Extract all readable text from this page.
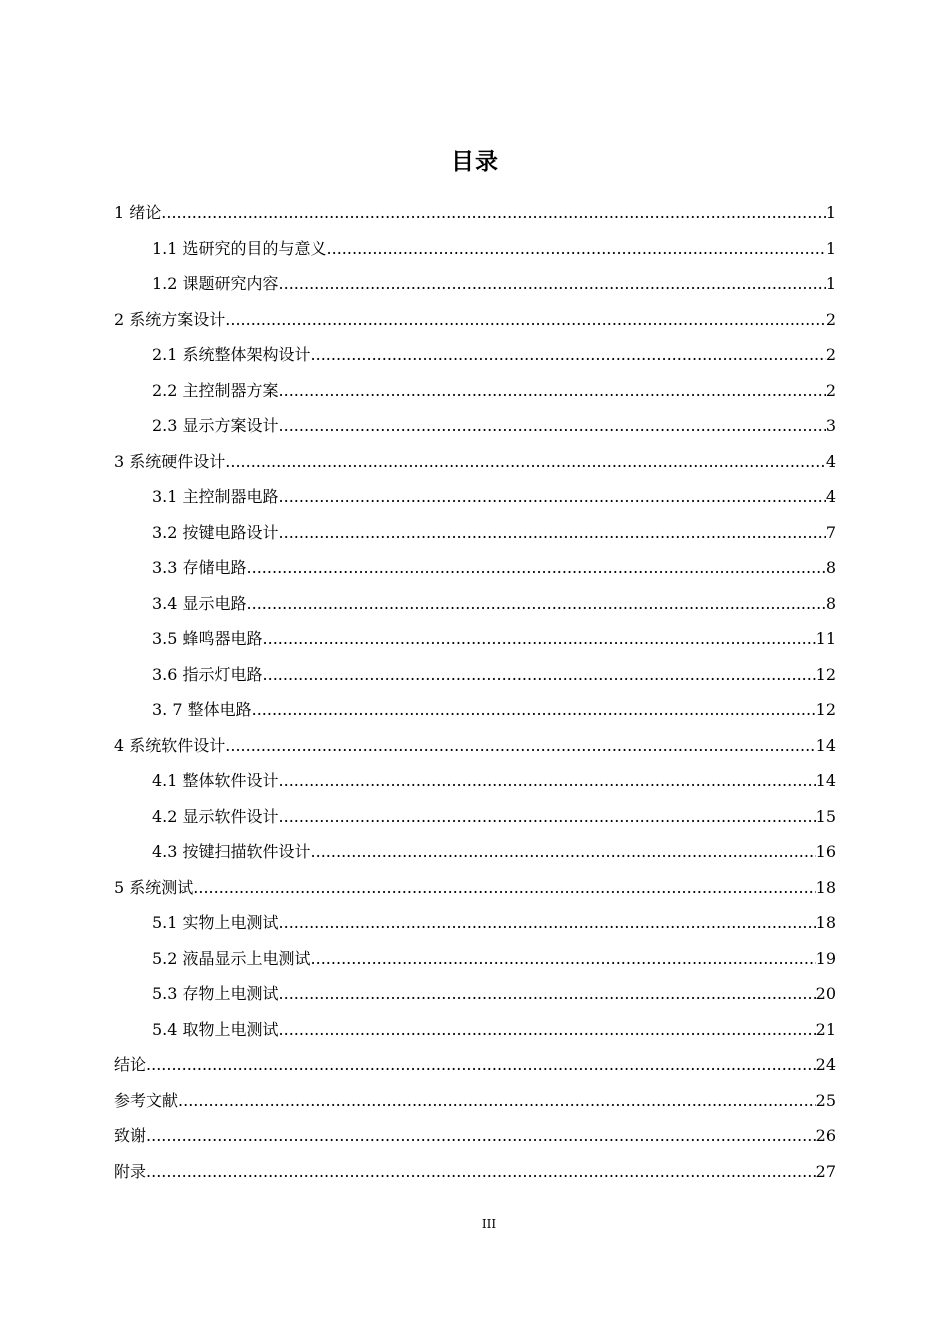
目录
1 绪论 .....	1
1.1 选研究的目的与意义 .....	1
1.2 课题研究内容 .....	1
2 系统方案设计 .....	2
2.1 系统整体架构设计 .....	2
2.2 主控制器方案 .....	2
2.3 显示方案设计 .....	3
3 系统硬件设计 .....	4
3.1 主控制器电路 .....	4
3.2 按键电路设计 .....	7
3.3 存储电路 .....	8
3.4 显示电路 .....	8
3.5 蜂鸣器电路 .....	11
3.6 指示灯电路 .....	12
3. 7 整体电路 .....	12
4 系统软件设计 .....	14
4.1 整体软件设计 .....	14
4.2 显示软件设计 .....	15
4.3 按键扫描软件设计 .....	16
5 系统测试 .....	18
5.1 实物上电测试 .....	18
5.2 液晶显示上电测试 .....	19
5.3 存物上电测试 .....	20
5.4 取物上电测试 .....	21
结论 .....	24
参考文献 .....	25
致谢 .....	26
附录 .....	27
III
